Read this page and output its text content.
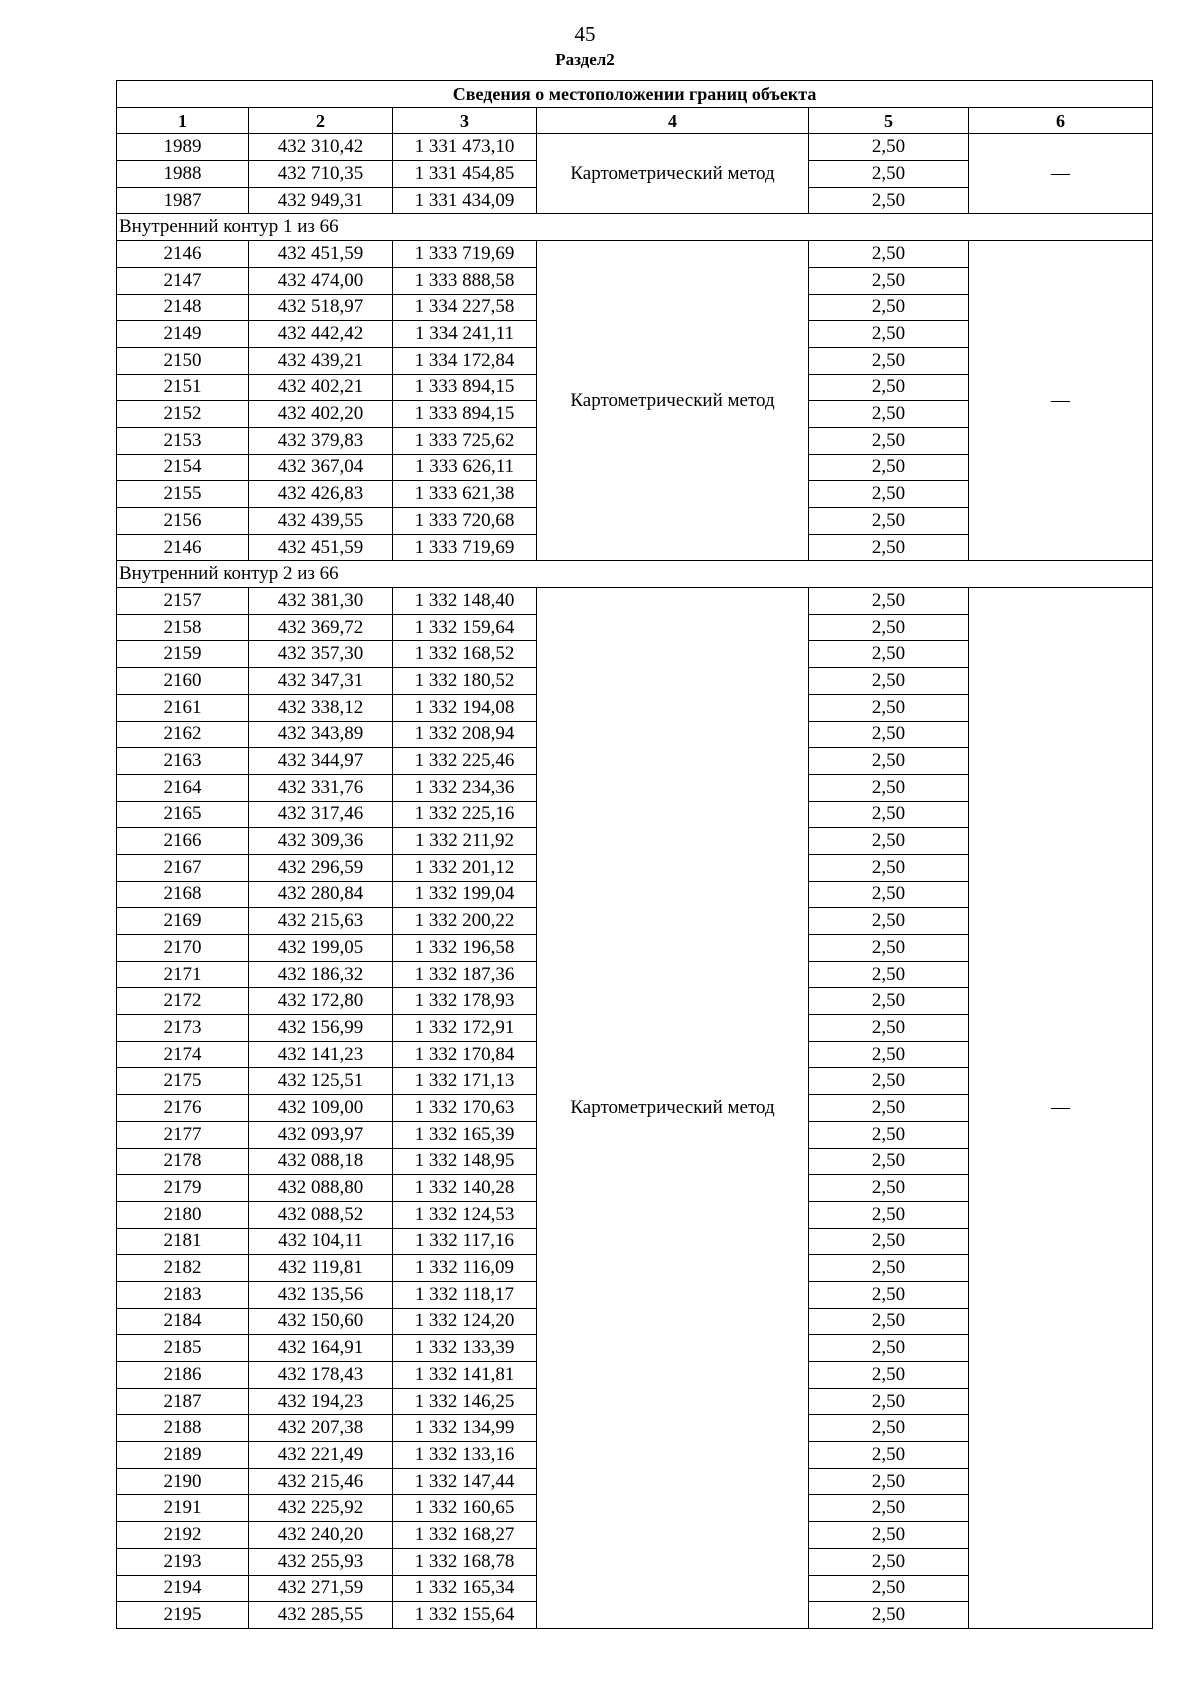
45
Раздел2
Сведения о местоположении границ объекта					
1	2	3	4	5	6
1989	432 310,42	1 331 473,10	Картометрический метод	2,50	—
1988	432 710,35	1 331 454,85		2,50	
1987	432 949,31	1 331 434,09		2,50	
Внутренний контур 1 из 66					
2146	432 451,59	1 333 719,69	Картометрический метод	2,50	—
2147	432 474,00	1 333 888,58		2,50	
2148	432 518,97	1 334 227,58		2,50	
2149	432 442,42	1 334 241,11		2,50	
2150	432 439,21	1 334 172,84		2,50	
2151	432 402,21	1 333 894,15		2,50	
2152	432 402,20	1 333 894,15		2,50	
2153	432 379,83	1 333 725,62		2,50	
2154	432 367,04	1 333 626,11		2,50	
2155	432 426,83	1 333 621,38		2,50	
2156	432 439,55	1 333 720,68		2,50	
2146	432 451,59	1 333 719,69		2,50	
Внутренний контур 2 из 66					
2157	432 381,30	1 332 148,40	Картометрический метод	2,50	—
2158	432 369,72	1 332 159,64		2,50	
2159	432 357,30	1 332 168,52		2,50	
2160	432 347,31	1 332 180,52		2,50	
2161	432 338,12	1 332 194,08		2,50	
2162	432 343,89	1 332 208,94		2,50	
2163	432 344,97	1 332 225,46		2,50	
2164	432 331,76	1 332 234,36		2,50	
2165	432 317,46	1 332 225,16		2,50	
2166	432 309,36	1 332 211,92		2,50	
2167	432 296,59	1 332 201,12		2,50	
2168	432 280,84	1 332 199,04		2,50	
2169	432 215,63	1 332 200,22		2,50	
2170	432 199,05	1 332 196,58		2,50	
2171	432 186,32	1 332 187,36		2,50	
2172	432 172,80	1 332 178,93		2,50	
2173	432 156,99	1 332 172,91		2,50	
2174	432 141,23	1 332 170,84		2,50	
2175	432 125,51	1 332 171,13		2,50	
2176	432 109,00	1 332 170,63		2,50	
2177	432 093,97	1 332 165,39		2,50	
2178	432 088,18	1 332 148,95		2,50	
2179	432 088,80	1 332 140,28		2,50	
2180	432 088,52	1 332 124,53		2,50	
2181	432 104,11	1 332 117,16		2,50	
2182	432 119,81	1 332 116,09		2,50	
2183	432 135,56	1 332 118,17		2,50	
2184	432 150,60	1 332 124,20		2,50	
2185	432 164,91	1 332 133,39		2,50	
2186	432 178,43	1 332 141,81		2,50	
2187	432 194,23	1 332 146,25		2,50	
2188	432 207,38	1 332 134,99		2,50	
2189	432 221,49	1 332 133,16		2,50	
2190	432 215,46	1 332 147,44		2,50	
2191	432 225,92	1 332 160,65		2,50	
2192	432 240,20	1 332 168,27		2,50	
2193	432 255,93	1 332 168,78		2,50	
2194	432 271,59	1 332 165,34		2,50	
2195	432 285,55	1 332 155,64		2,50	
